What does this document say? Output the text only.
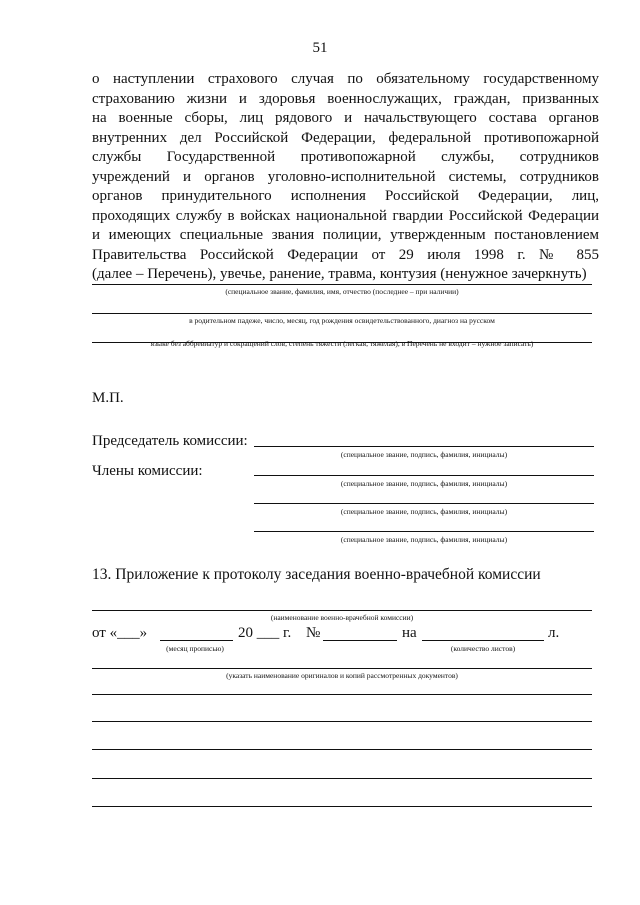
51
о наступлении страхового случая по обязательному государственному
страхованию жизни и здоровья военнослужащих, граждан, призванных
на военные сборы, лиц рядового и начальствующего состава органов
внутренних дел Российской Федерации, федеральной противопожарной
службы Государственной противопожарной службы, сотрудников
учреждений и органов уголовно-исполнительной системы, сотрудников
органов принудительного исполнения Российской Федерации, лиц,
проходящих службу в войсках национальной гвардии Российской Федерации
и имеющих специальные звания полиции, утвержденным постановлением
Правительства Российской Федерации от 29 июля 1998 г. № 855
(далее – Перечень), увечье, ранение, травма, контузия (ненужное зачеркнуть)
(специальное звание, фамилия, имя, отчество (последнее – при наличии)
в родительном падеже, число, месяц, год рождения освидетельствованного, диагноз на русском
языке без аббревиатур и сокращений слов, степень тяжести (легкая, тяжелая), в Перечень не входит – нужное записать)
М.П.
Председатель комиссии:
(специальное звание, подпись, фамилия, инициалы)
Члены комиссии:
(специальное звание, подпись, фамилия, инициалы)
(специальное звание, подпись, фамилия, инициалы)
(специальное звание, подпись, фамилия, инициалы)
13. Приложение к протоколу заседания военно-врачебной комиссии
(наименование военно-врачебной комиссии)
от «___»
(месяц прописью)
20 ___ г. №	на
(количество листов)
л.
(указать наименование оригиналов и копий рассмотренных документов)
